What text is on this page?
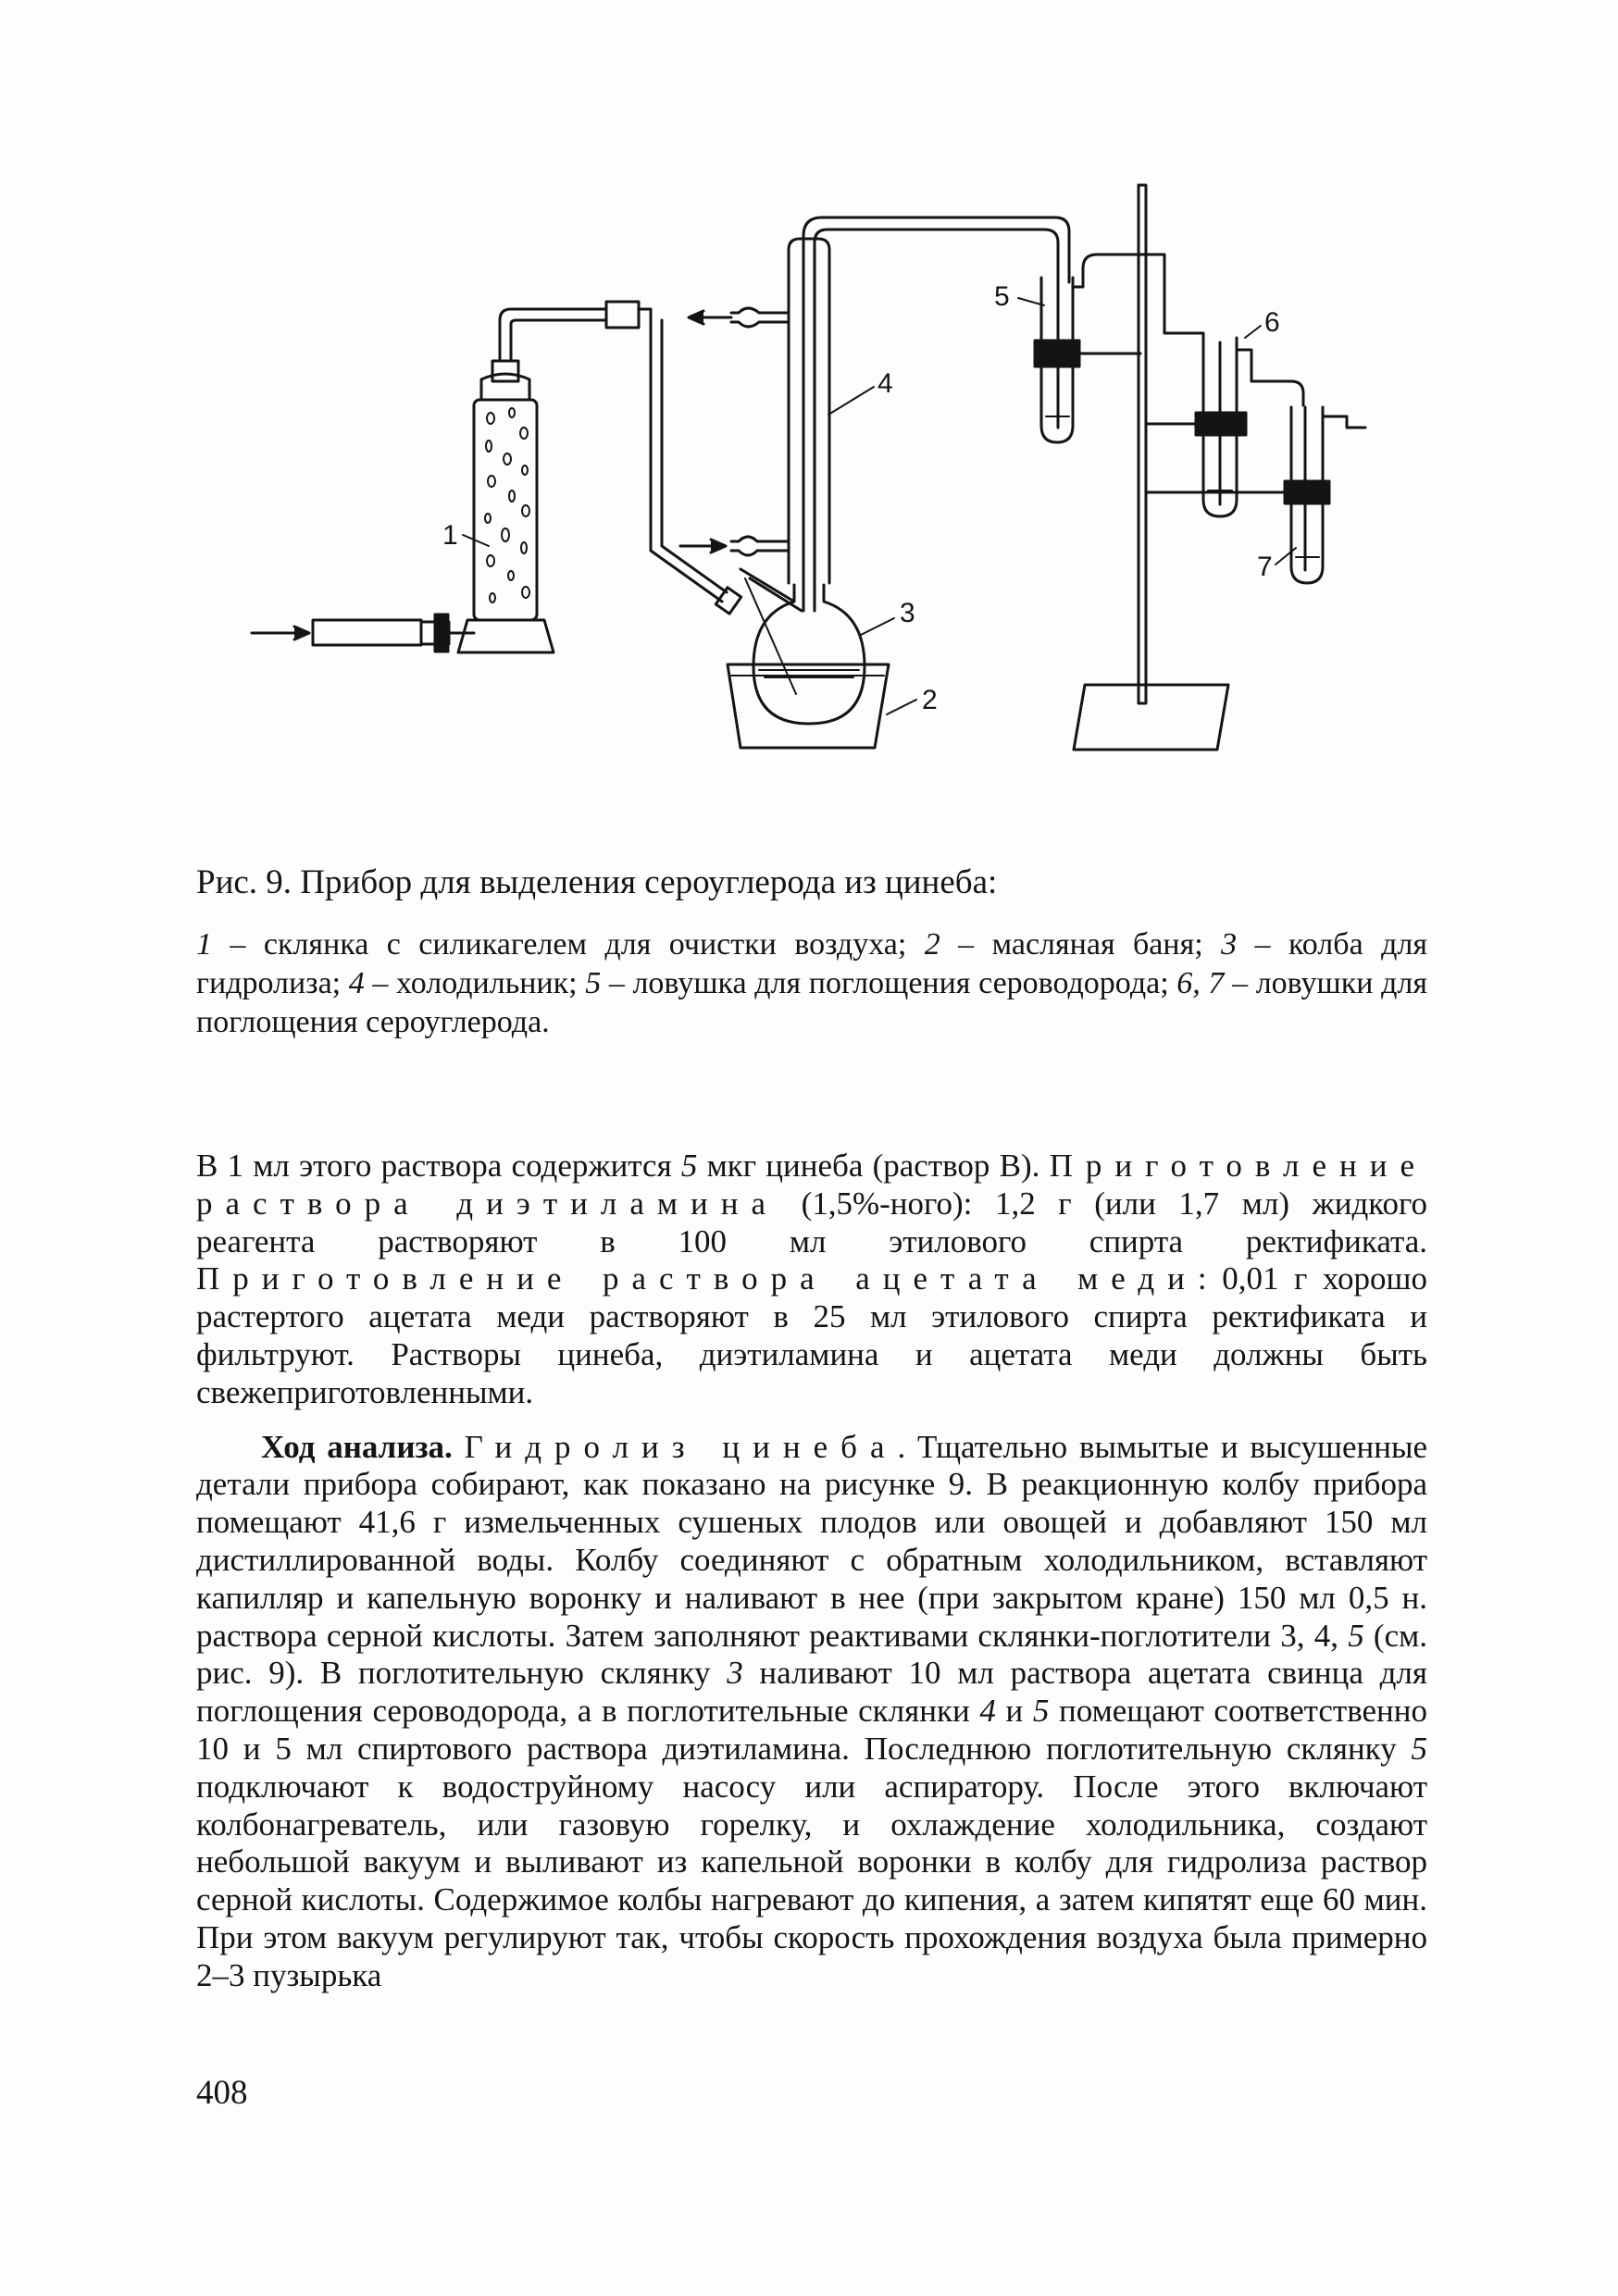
1
2
3
4
5
6
7

Рис. 9. Прибор для выделения сероуглерода из цинеба:

1 – склянка с силикагелем для очистки воздуха; 2 – масляная баня; 3 – колба для гидролиза; 4 – холодильник; 5 – ловушка для поглощения сероводорода; 6, 7 – ловушки для поглощения сероуглерода.

В 1 мл этого раствора содержится 5 мкг цинеба (раствор В). Приготовление раствора диэтиламина (1,5%-ного): 1,2 г (или 1,7 мл) жидкого реагента растворяют в 100 мл этилового спирта ректификата. Приготовление раствора ацетата меди: 0,01 г хорошо растертого ацетата меди растворяют в 25 мл этилового спирта ректификата и фильтруют. Растворы цинеба, диэтиламина и ацетата меди должны быть свежеприготовленными.

Ход анализа. Гидролиз цинеба. Тщательно вымытые и высушенные детали прибора собирают, как показано на рисунке 9. В реакционную колбу прибора помещают 41,6 г измельченных сушеных плодов или овощей и добавляют 150 мл дистиллированной воды. Колбу соединяют с обратным холодильником, вставляют капилляр и капельную воронку и наливают в нее (при закрытом кране) 150 мл 0,5 н. раствора серной кислоты. Затем заполняют реактивами склянки-поглотители 3, 4, 5 (см. рис. 9). В поглотительную склянку 3 наливают 10 мл раствора ацетата свинца для поглощения сероводорода, а в поглотительные склянки 4 и 5 помещают соответственно 10 и 5 мл спиртового раствора диэтиламина. Последнюю поглотительную склянку 5 подключают к водоструйному насосу или аспиратору. После этого включают колбонагреватель, или газовую горелку, и охлаждение холодильника, создают небольшой вакуум и выливают из капельной воронки в колбу для гидролиза раствор серной кислоты. Содержимое колбы нагревают до кипения, а затем кипятят еще 60 мин. При этом вакуум регулируют так, чтобы скорость прохождения воздуха была примерно 2–3 пузырька

408
